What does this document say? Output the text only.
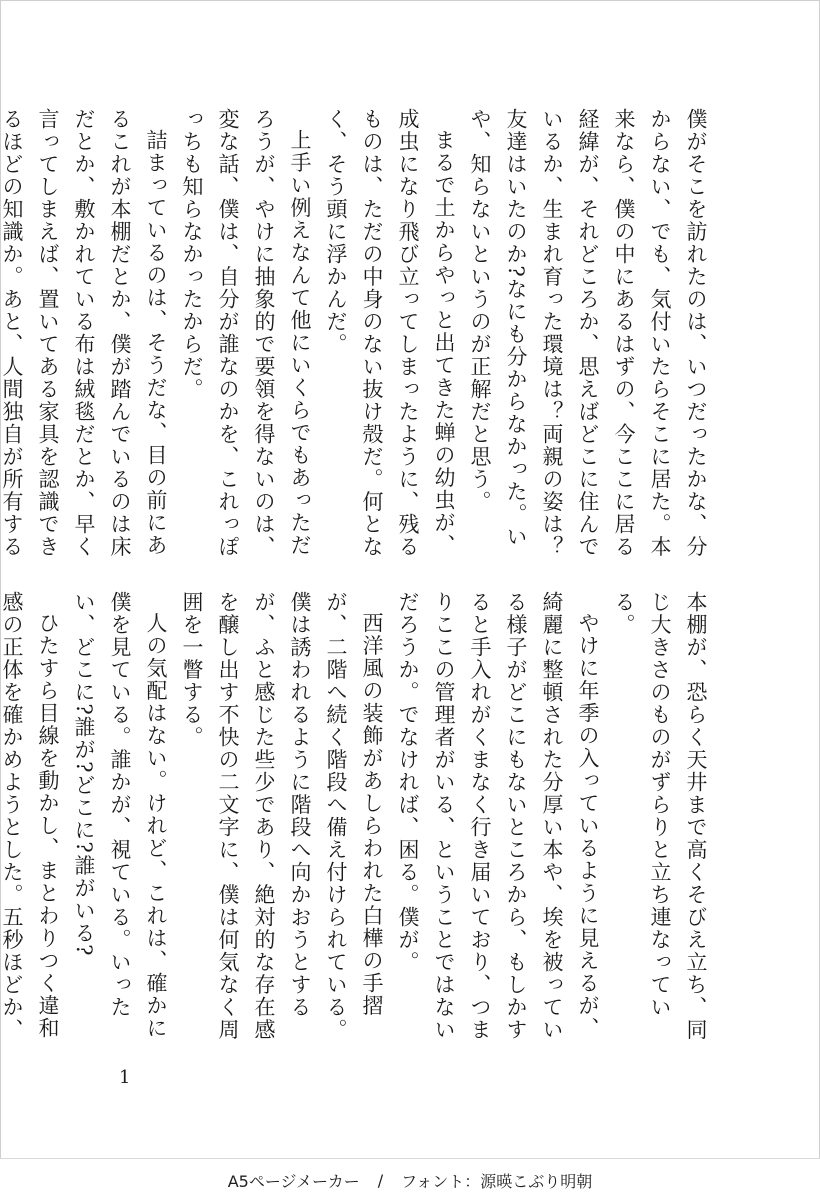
僕がそこを訪れたのは、いつだったかな、分からない、でも、気付いたらそこに居た。本来なら、僕の中にあるはずの、今ここに居る経緯が、それどころか、思えばどこに住んでいるか、生まれ育った環境は？両親の姿は？友達はいたのか?なにも分からなかった。いや、知らないというのが正解だと思う。

まるで土からやっと出てきた蝉の幼虫が、成虫になり飛び立ってしまったように、残るものは、ただの中身のない抜け殻だ。何となく、そう頭に浮かんだ。

上手い例えなんて他にいくらでもあっただろうが、やけに抽象的で要領を得ないのは、変な話、僕は、自分が誰なのかを、これっぽっちも知らなかったからだ。

詰まっているのは、そうだな、目の前にあるこれが本棚だとか、僕が踏んでいるのは床だとか、敷かれている布は絨毯だとか、早く言ってしまえば、置いてある家具を認識できるほどの知識か。あと、人間独自が所有する

本棚が、恐らく天井まで高くそびえ立ち、同じ大きさのものがずらりと立ち連なっている。

やけに年季の入っているように見えるが、綺麗に整頓された分厚い本や、埃を被っている様子がどこにもないところから、もしかすると手入れがくまなく行き届いており、つまりここの管理者がいる、ということではないだろうか。でなければ、困る。僕が。

西洋風の装飾があしらわれた白樺の手摺が、二階へ続く階段へ備え付けられている。僕は誘われるように階段へ向かおうとするが、ふと感じた些少であり、絶対的な存在感を醸し出す不快の二文字に、僕は何気なく周囲を一瞥する。

人の気配はない。けれど、これは、確かに僕を見ている。誰かが、視ている。いったい、どこに?誰が?どこに?誰がいる?

ひたすら目線を動かし、まとわりつく違和感の正体を確かめようとした。五秒ほどか、

1
A5ページメーカー / フォント：源暎こぶり明朝
